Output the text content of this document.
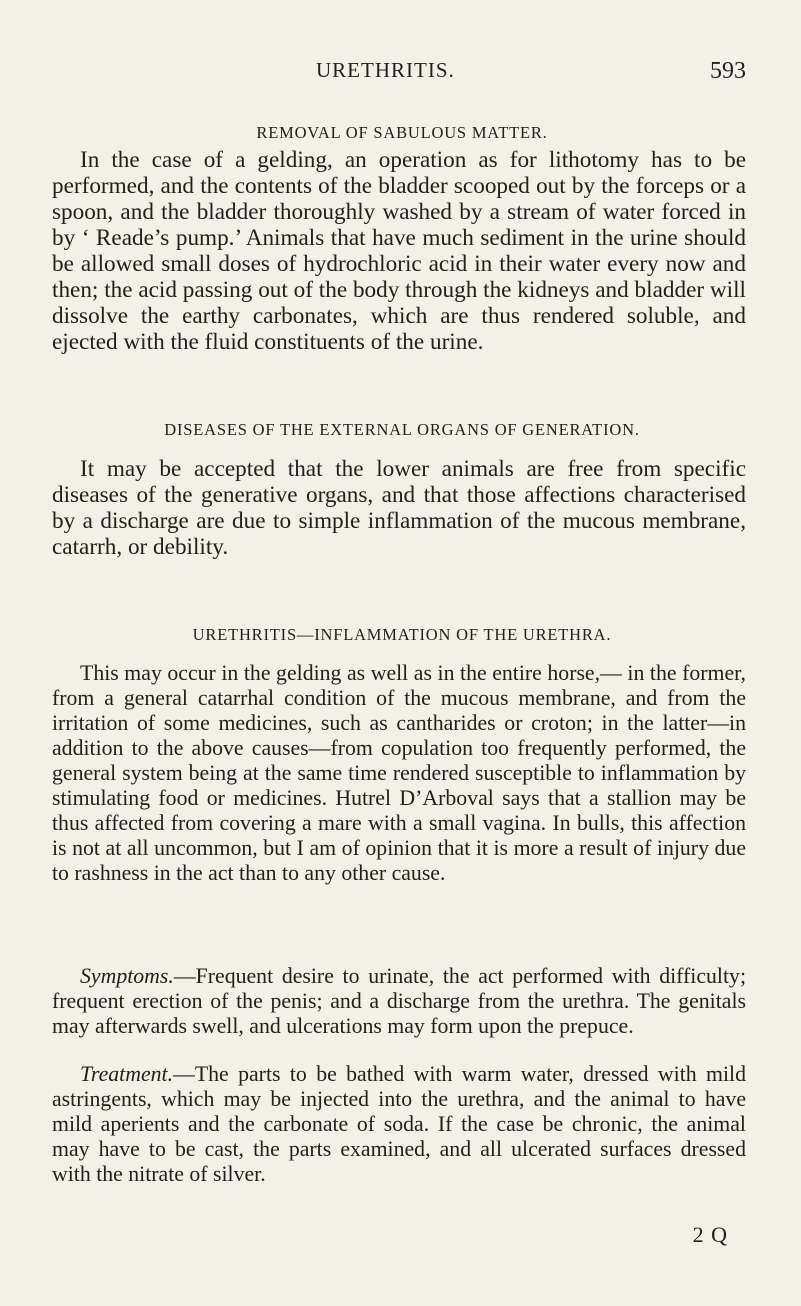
URETHRITIS.	593
REMOVAL OF SABULOUS MATTER.

In the case of a gelding, an operation as for lithotomy has to be performed, and the contents of the bladder scooped out by the forceps or a spoon, and the bladder thoroughly washed by a stream of water forced in by ‘ Reade’s pump.’ Animals that have much sediment in the urine should be allowed small doses of hydrochloric acid in their water every now and then; the acid passing out of the body through the kidneys and bladder will dissolve the earthy carbonates, which are thus rendered soluble, and ejected with the fluid constituents of the urine.

DISEASES OF THE EXTERNAL ORGANS OF GENERATION.

It may be accepted that the lower animals are free from specific diseases of the generative organs, and that those affections characterised by a discharge are due to simple inflammation of the mucous membrane, catarrh, or debility.

URETHRITIS—INFLAMMATION OF THE URETHRA.

This may occur in the gelding as well as in the entire horse,— in the former, from a general catarrhal condition of the mucous membrane, and from the irritation of some medicines, such as cantharides or croton; in the latter—in addition to the above causes—from copulation too frequently performed, the general system being at the same time rendered susceptible to inflammation by stimulating food or medicines. Hutrel D’Arboval says that a stallion may be thus affected from covering a mare with a small vagina. In bulls, this affection is not at all uncommon, but I am of opinion that it is more a result of injury due to rashness in the act than to any other cause.

Symptoms.—Frequent desire to urinate, the act performed with difficulty; frequent erection of the penis; and a discharge from the urethra. The genitals may afterwards swell, and ulcerations may form upon the prepuce.

Treatment.—The parts to be bathed with warm water, dressed with mild astringents, which may be injected into the urethra, and the animal to have mild aperients and the carbonate of soda. If the case be chronic, the animal may have to be cast, the parts examined, and all ulcerated surfaces dressed with the nitrate of silver.

2 Q
